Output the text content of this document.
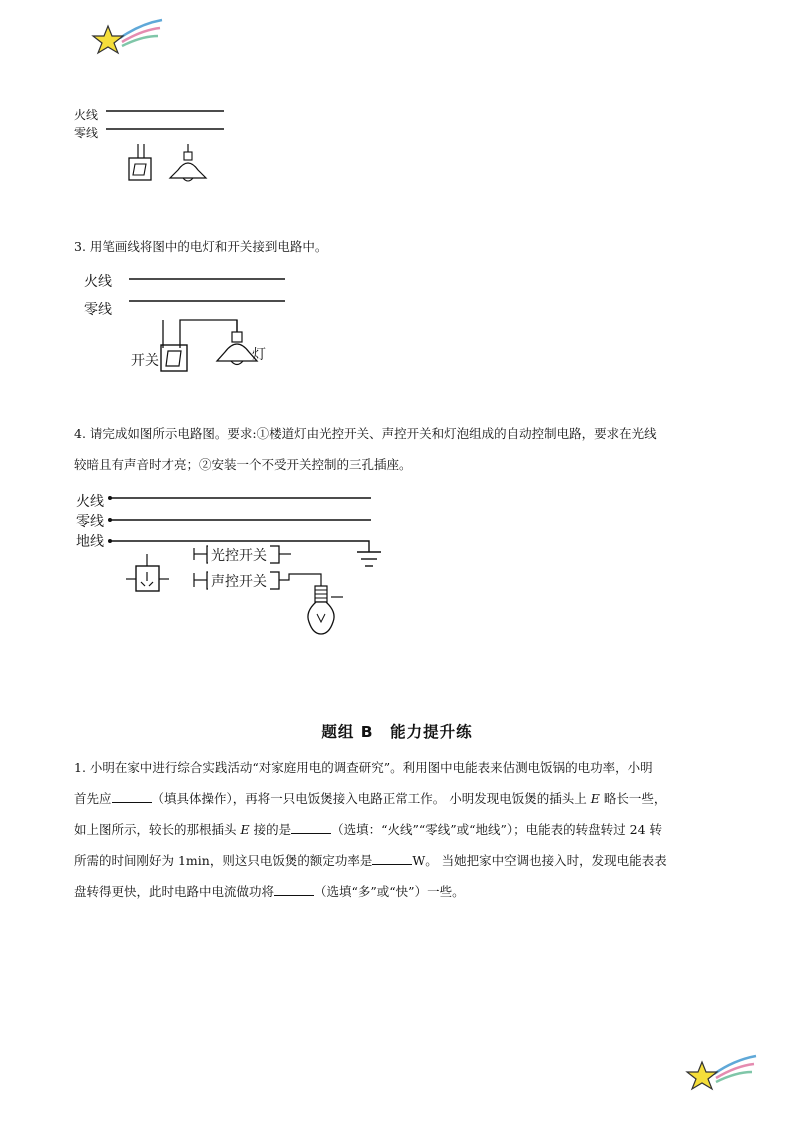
火线
零线
3. 用笔画线将图中的电灯和开关接到电路中。
火线
零线
开关	灯
4. 请完成如图所示电路图。要求:①楼道灯由光控开关、声控开关和灯泡组成的自动控制电路，要求在光线
较暗且有声音时才亮；②安装一个不受开关控制的三孔插座。
火线
零线
地线
光控开关
声控开关
题组 B　能力提升练
1. 小明在家中进行综合实践活动“对家庭用电的调查研究”。利用图中电能表来估测电饭锅的电功率，小明
首先应	（填具体操作），再将一只电饭煲接入电路正常工作。 小明发现电饭煲的插头上 E 略长一些，
如上图所示，较长的那根插头 E 接的是	（选填：“火线”“零线”或“地线”）；电能表的转盘转过 24 转
所需的时间刚好为 1min，则这只电饭煲的额定功率是	W。 当她把家中空调也接入时，发现电能表表
盘转得更快，此时电路中电流做功将	（选填“多”或“快”）一些。
